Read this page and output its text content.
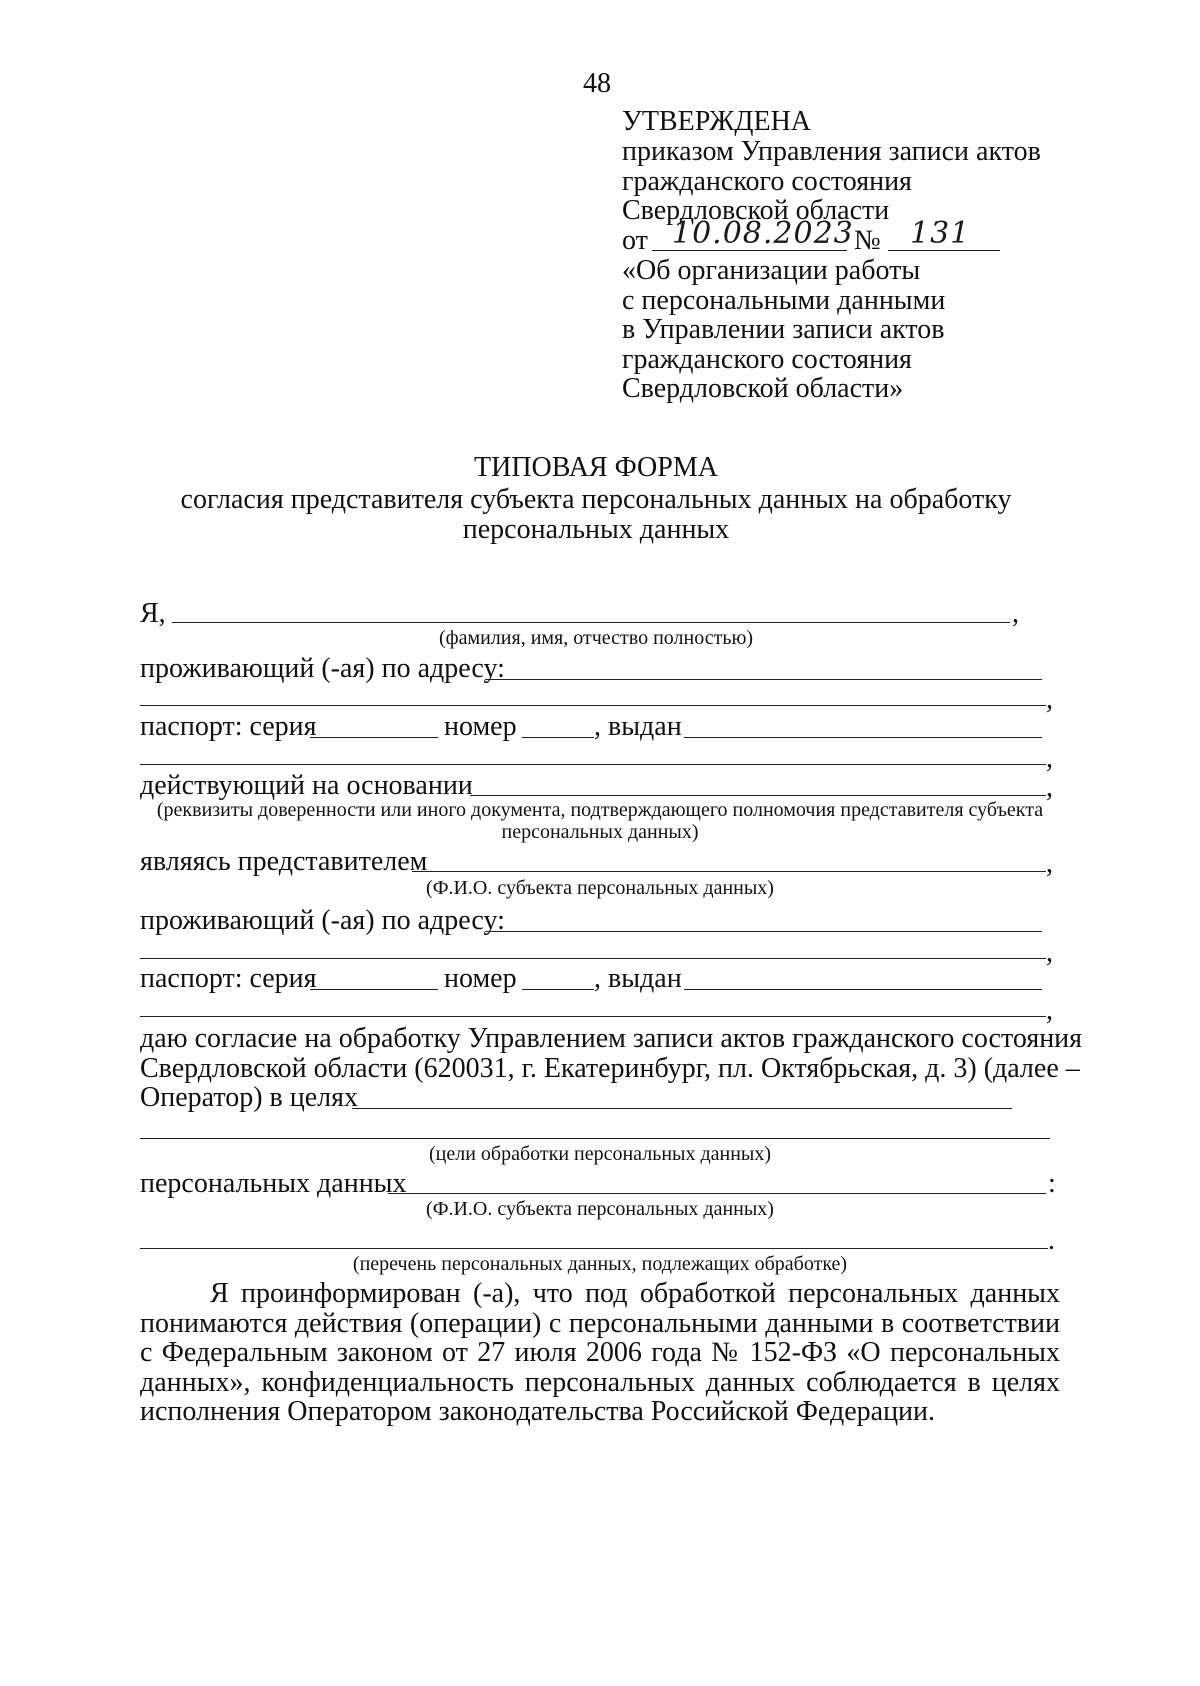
48
УТВЕРЖДЕНА
приказом Управления записи актов
гражданского состояния
Свердловской области
от 10.08.2023 № 131
«Об организации работы
с персональными данными
в Управлении записи актов
гражданского состояния
Свердловской области»
ТИПОВАЯ ФОРМА
согласия представителя субъекта персональных данных на обработку
персональных данных
Я,	,
(фамилия, имя, отчество полностью)
проживающий (-ая) по адресу:
,
паспорт: серия	номер	, выдан
,
действующий на основании	,
(реквизиты доверенности или иного документа, подтверждающего полномочия представителя субъекта
персональных данных)
являясь представителем	,
(Ф.И.О. субъекта персональных данных)
проживающий (-ая) по адресу:
,
паспорт: серия	номер	, выдан
,
даю согласие на обработку Управлением записи актов гражданского состояния
Свердловской области (620031, г. Екатеринбург, пл. Октябрьская, д. 3) (далее –
Оператор) в целях
(цели обработки персональных данных)
персональных данных	:
(Ф.И.О. субъекта персональных данных)
.
(перечень персональных данных, подлежащих обработке)
Я проинформирован (-а), что под обработкой персональных данных
понимаются действия (операции) с персональными данными в соответствии
с Федеральным законом от 27 июля 2006 года № 152-ФЗ «О персональных
данных», конфиденциальность персональных данных соблюдается в целях
исполнения Оператором законодательства Российской Федерации.
